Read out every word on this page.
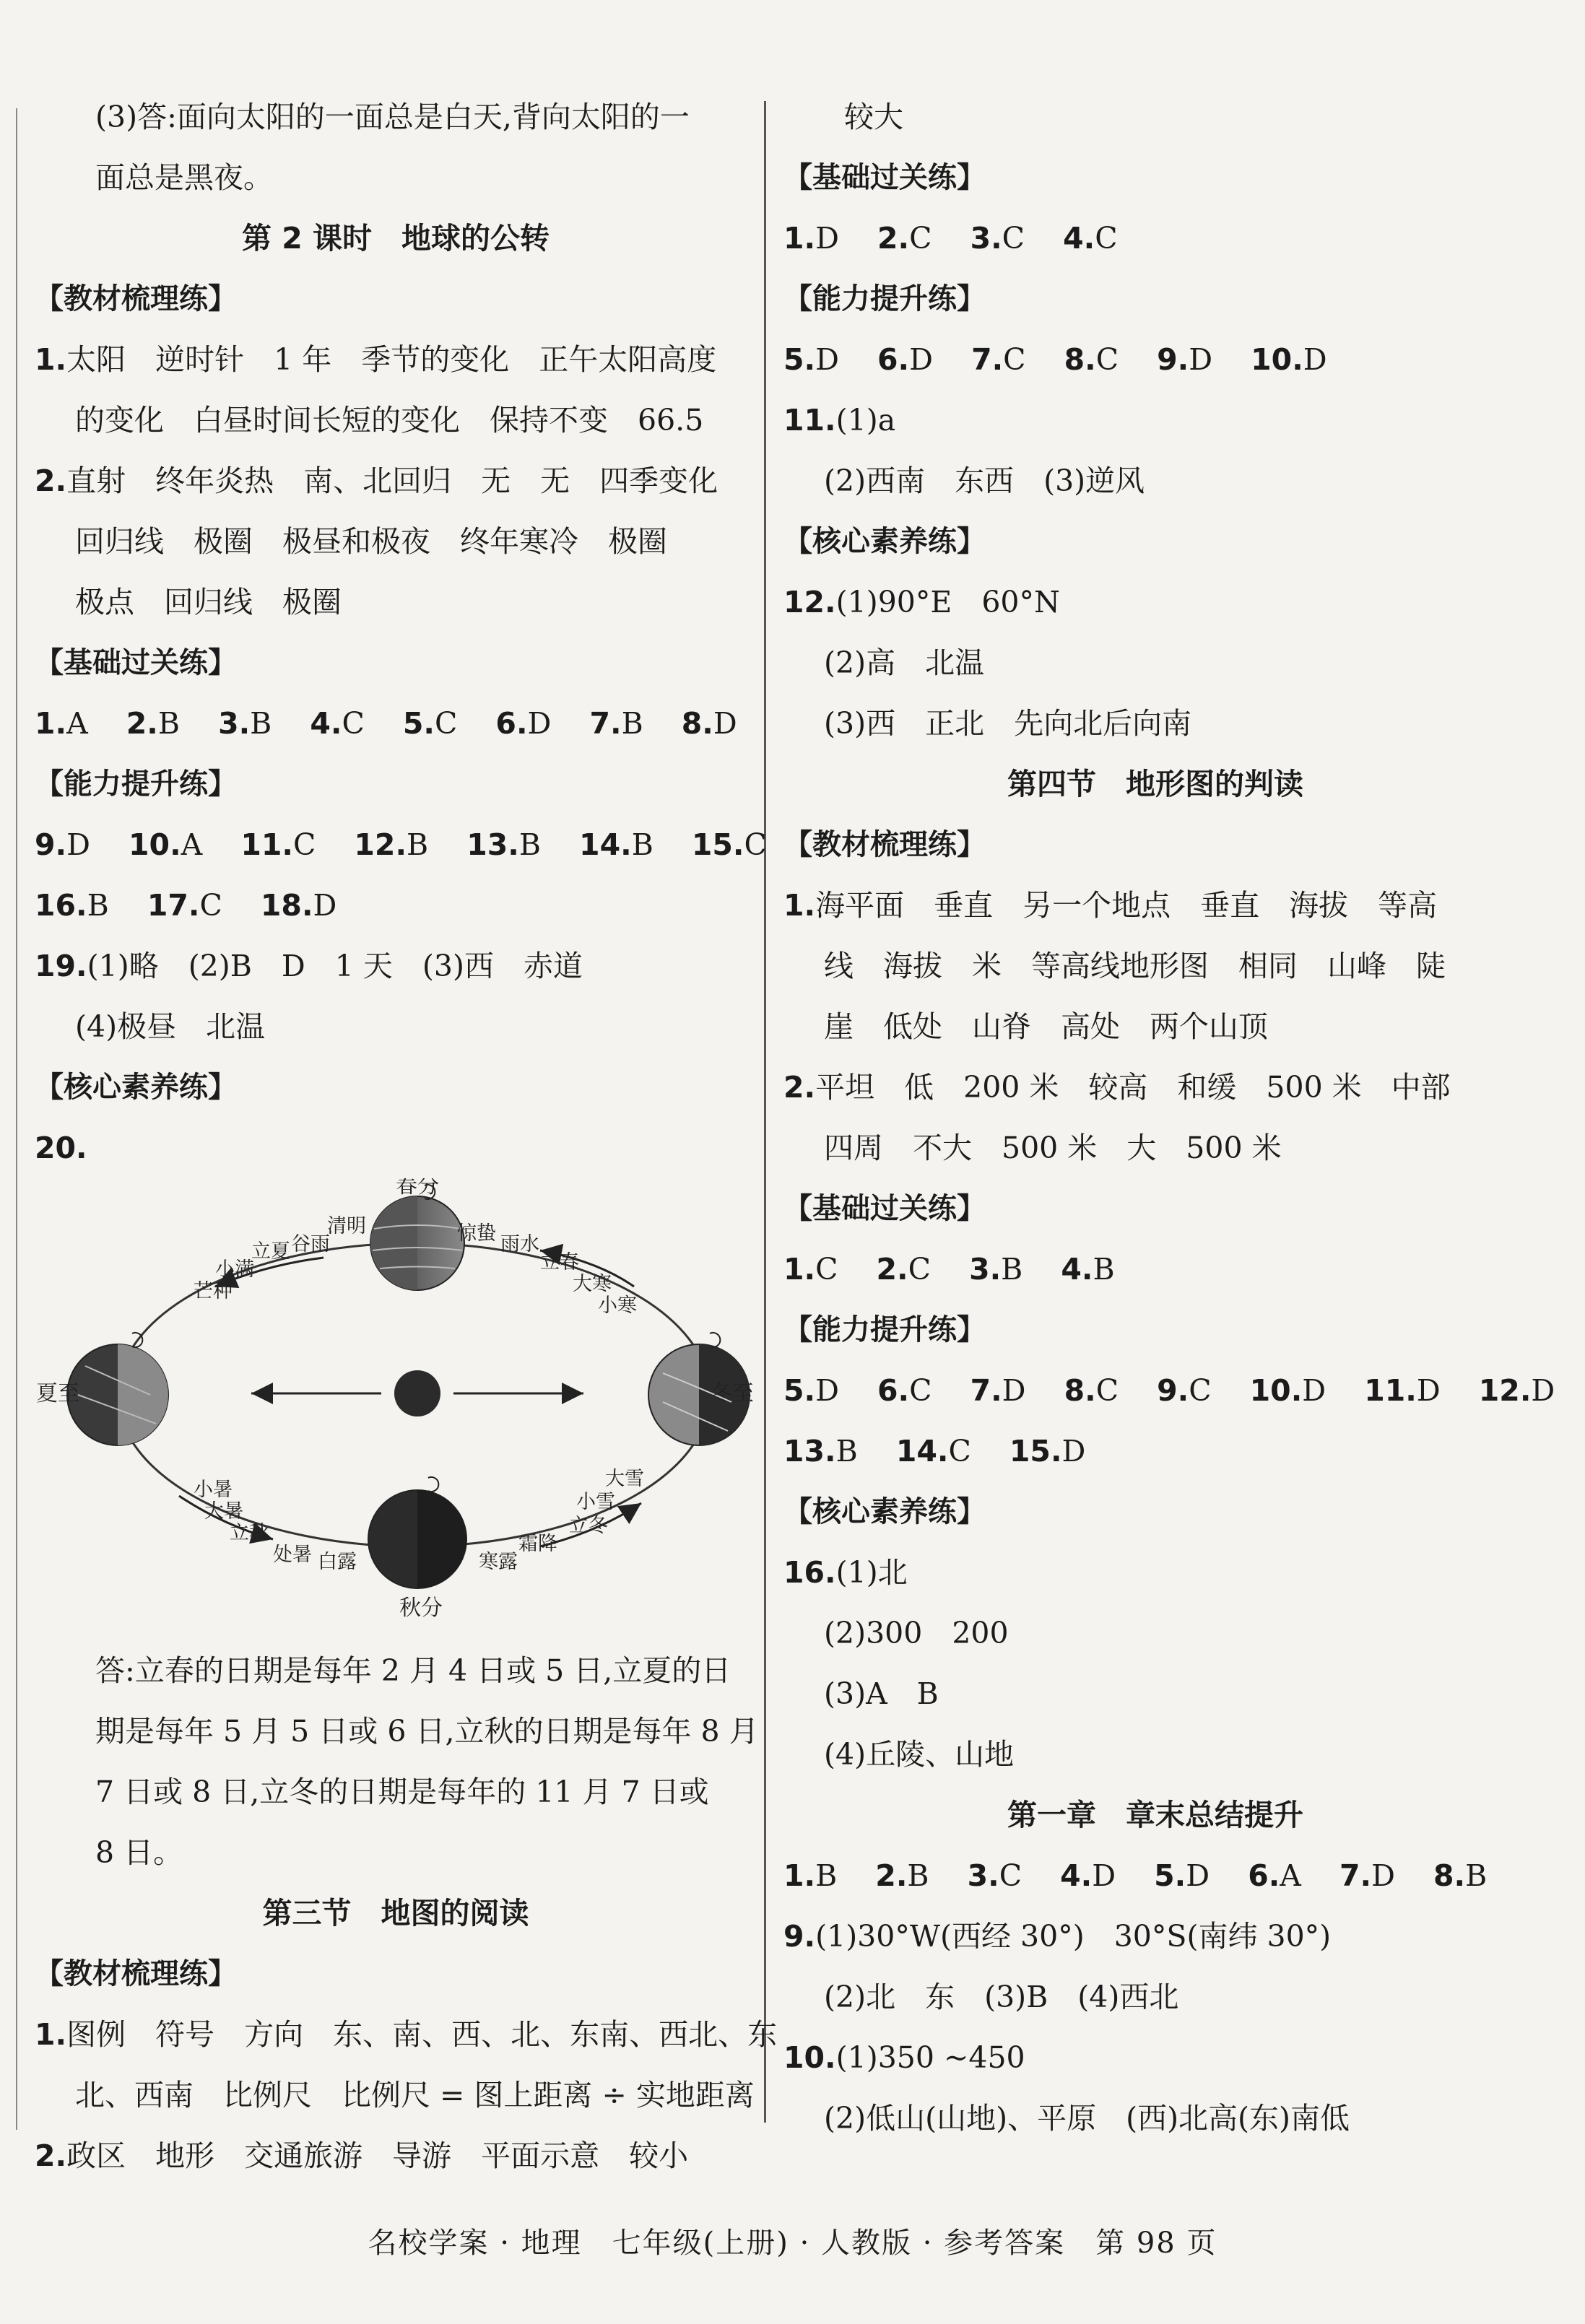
(3)答:面向太阳的一面总是白天,背向太阳的一
面总是黑夜。
第 2 课时　地球的公转
【教材梳理练】
1.太阳　逆时针　1 年　季节的变化　正午太阳高度
的变化　白昼时间长短的变化　保持不变　66.5
2.直射　终年炎热　南、北回归　无　无　四季变化
回归线　极圈　极昼和极夜　终年寒冷　极圈
极点　回归线　极圈
【基础过关练】
1.A 2.B 3.B 4.C 5.C 6.D 7.B 8.D
【能力提升练】
9.D 10.A 11.C 12.B 13.B 14.B 15.C
16.B 17.C 18.D
19.(1)略　(2)B　D　1 天　(3)西　赤道
(4)极昼　北温
【核心素养练】
20.
春分
夏至	冬至
秋分
清明
谷雨
立夏
小满
芒种
惊蛰 雨水
立春
大寒
小寒
小暑
大暑
立秋
处暑 白露
大雪
小雪
立冬
霜降
寒露
答:立春的日期是每年 2 月 4 日或 5 日,立夏的日
期是每年 5 月 5 日或 6 日,立秋的日期是每年 8 月
7 日或 8 日,立冬的日期是每年的 11 月 7 日或
8 日。
第三节　地图的阅读
【教材梳理练】
1.图例　符号　方向　东、南、西、北、东南、西北、东
北、西南　比例尺　比例尺 = 图上距离 ÷ 实地距离
2.政区　地形　交通旅游　导游　平面示意　较小
较大
【基础过关练】
1.D 2.C 3.C 4.C
【能力提升练】
5.D 6.D 7.C 8.C 9.D 10.D
11.(1)a
(2)西南　东西　(3)逆风
【核心素养练】
12.(1)90°E　60°N
(2)高　北温
(3)西　正北　先向北后向南
第四节　地形图的判读
【教材梳理练】
1.海平面　垂直　另一个地点　垂直　海拔　等高
线　海拔　米　等高线地形图　相同　山峰　陡
崖　低处　山脊　高处　两个山顶
2.平坦　低　200 米　较高　和缓　500 米　中部
四周　不大　500 米　大　500 米
【基础过关练】
1.C 2.C 3.B 4.B
【能力提升练】
5.D 6.C 7.D 8.C 9.C 10.D 11.D 12.D
13.B 14.C 15.D
【核心素养练】
16.(1)北
(2)300　200
(3)A　B
(4)丘陵、山地
第一章　章末总结提升
1.B 2.B 3.C 4.D 5.D 6.A 7.D 8.B
9.(1)30°W(西经 30°)　30°S(南纬 30°)
(2)北　东　(3)B　(4)西北
10.(1)350 ~450
(2)低山(山地)、平原　(西)北高(东)南低
名校学案 · 地理　七年级(上册) · 人教版 · 参考答案　第 98 页
